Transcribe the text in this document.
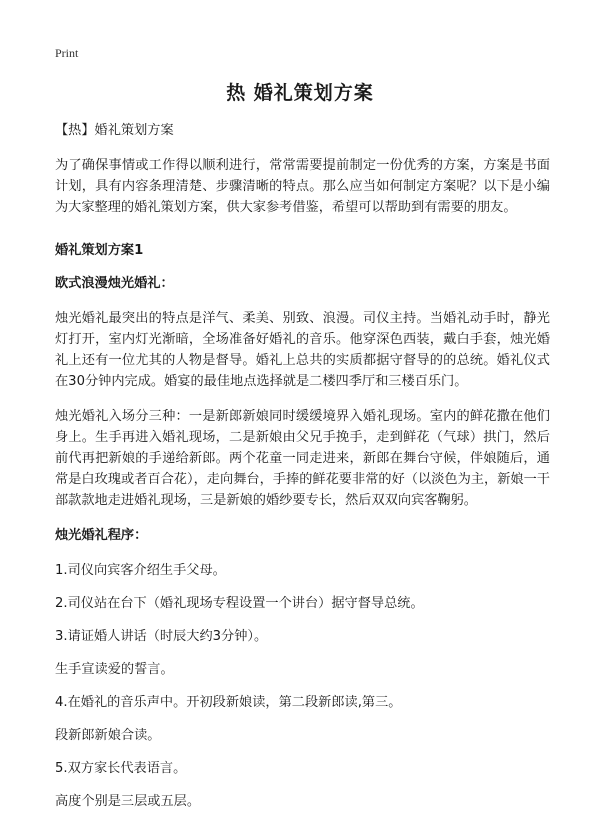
Print
热 婚礼策划方案

【热】婚礼策划方案

为了确保事情或工作得以顺利进行，常常需要提前制定一份优秀的方案，方案是书面计划，具有内容条理清楚、步骤清晰的特点。那么应当如何制定方案呢？以下是小编为大家整理的婚礼策划方案，供大家参考借鉴，希望可以帮助到有需要的朋友。

婚礼策划方案1

欧式浪漫烛光婚礼：

烛光婚礼最突出的特点是洋气、柔美、别致、浪漫。司仪主持。当婚礼动手时，静光灯打开，室内灯光渐暗，全场准备好婚礼的音乐。他穿深色西装，戴白手套，烛光婚礼上还有一位尤其的人物是督导。婚礼上总共的实质都据守督导的的总统。婚礼仪式在30分钟内完成。婚宴的最佳地点选择就是二楼四季厅和三楼百乐门。

烛光婚礼入场分三种：一是新郎新娘同时缓缓境界入婚礼现场。室内的鲜花撒在他们身上。生手再进入婚礼现场，二是新娘由父兄手挽手，走到鲜花（气球）拱门，然后前代再把新娘的手递给新郎。两个花童一同走进来，新郎在舞台守候，伴娘随后，通常是白玫瑰或者百合花），走向舞台，手捧的鲜花要非常的好（以淡色为主，新娘一干部款款地走进婚礼现场，三是新娘的婚纱要专长，然后双双向宾客鞠躬。

烛光婚礼程序：

1.司仪向宾客介绍生手父母。

2.司仪站在台下（婚礼现场专程设置一个讲台）据守督导总统。

3.请证婚人讲话（时辰大约3分钟）。

生手宣读爱的誓言。

4.在婚礼的音乐声中。开初段新娘读，第二段新郎读,第三。

段新郎新娘合读。

5.双方家长代表语言。

高度个别是三层或五层。
